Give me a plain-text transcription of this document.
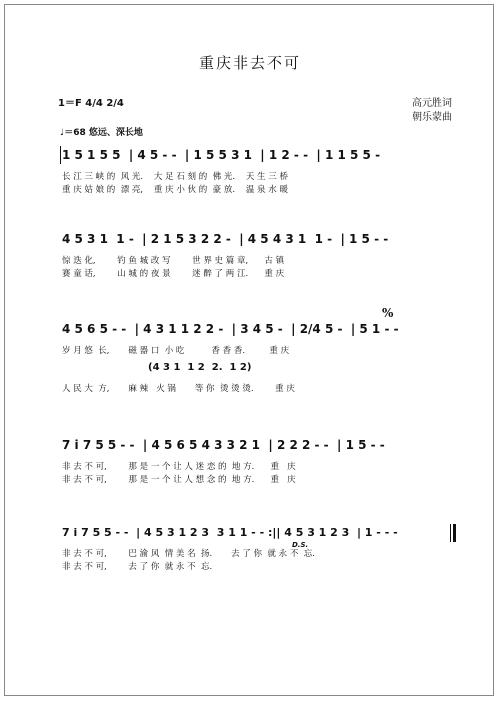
重庆非去不可
1＝F 4/4 2/4	高元胜词
朝乐蒙曲
♩＝68 悠远、深长地
1 5 1 5 5  | 4 5 - -  | 1 5 5 3 1  | 1 2 - -  | 1 1 5 5 -
长 江 三 峡 的  风 光.    大 足 石 刻 的  佛 光.    天 生 三 桥
重 庆 姑 娘 的  漂 亮,    重 庆 小 伙 的  豪 放.    温 泉 水 暖
4 5 3 1  1 -  | 2 1 5 3 2 2 -  | 4 5 4 3 1  1 -  | 1 5 - -
惊 迭 化,        钓 鱼 城 改 写        世 界 史 篇 章,      古 镇
赛 童 话,        山 城 的 夜 景        迷 醉 了 两 江.      重 庆
%
4 5 6 5 - -  | 4 3 1 1 2 2 -  | 3 4 5 -  | 2/4 5 -  | 5 1 - -
岁 月 悠  长,       磁 器 口  小 吃          香 香 香.         重 庆
(4 3 1  1 2  2.  1 2)
人 民 大  方,       麻 辣   火 锅       等 你  烫 烫 烫.        重 庆
7 i 7 5 5 - -  | 4 5 6 5 4 3 3 2 1  | 2 2 2 - -  | 1 5 - -
非 去 不 可,        那 是 一 个 让 人 迷 恋 的  地 方.      重   庆
非 去 不 可,        那 是 一 个 让 人 想 念 的  地 方.      重   庆
7 i 7 5 5 - -  | 4 5 3 1 2 3  3 1 1 - - :|| 4 5 3 1 2 3  | 1 - - -
D.S.
非 去 不 可,        巴 渝 风  情 美 名  扬.       去 了 你  就 永 不  忘.
非 去 不 可,        去 了 你  就 永 不  忘.
